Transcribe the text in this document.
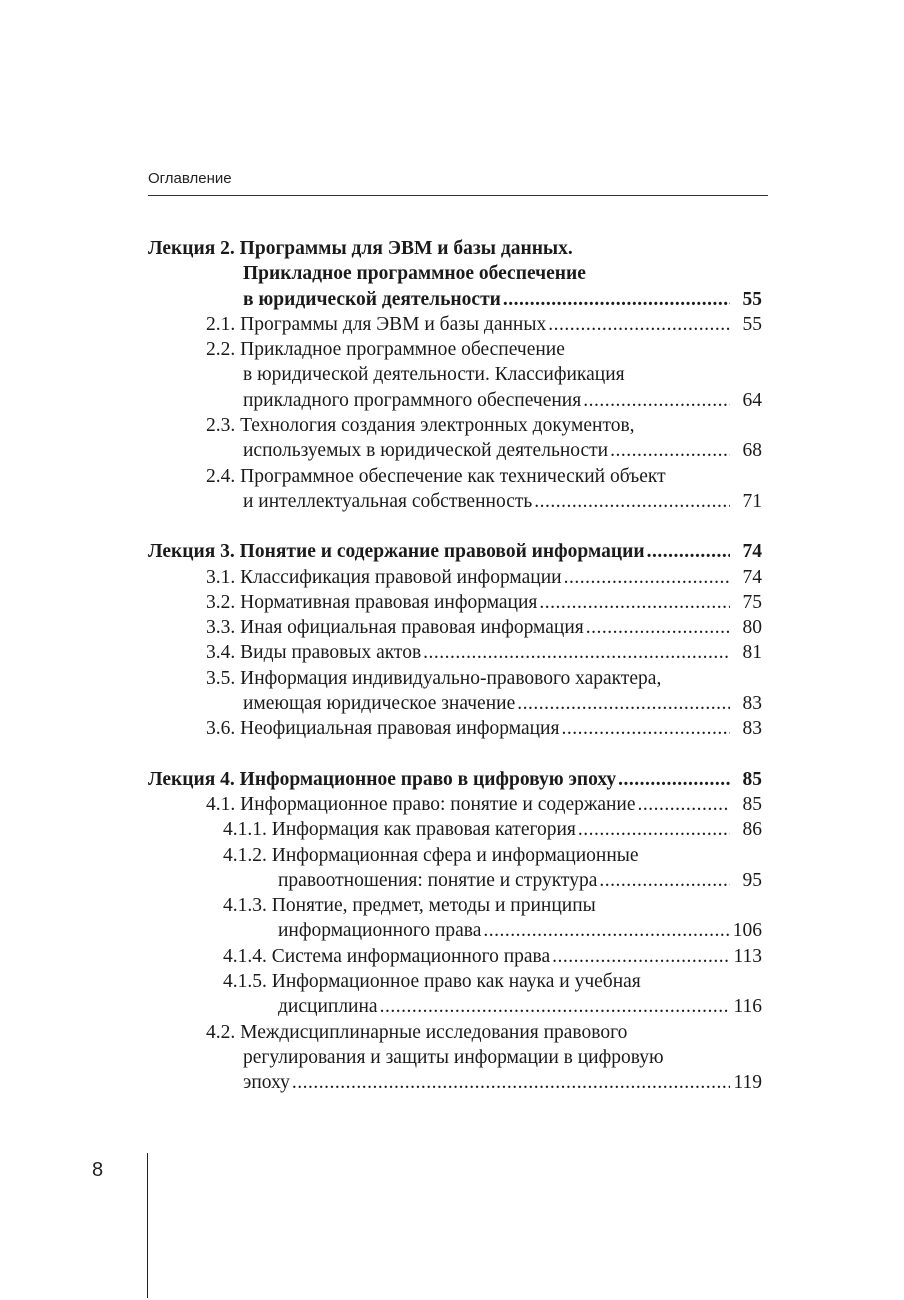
Оглавление
Лекция 2. Программы для ЭВМ и базы данных.
Прикладное программное обеспечение
в юридической деятельности .....	55
2.1. Программы для ЭВМ и базы данных .....	55
2.2. Прикладное программное обеспечение
в юридической деятельности. Классификация
прикладного программного обеспечения .....	64
2.3. Технология создания электронных документов,
используемых в юридической деятельности .....	68
2.4. Программное обеспечение как технический объект
и интеллектуальная собственность .....	71
Лекция 3. Понятие и содержание правовой информации .....	74
3.1. Классификация правовой информации .....	74
3.2. Нормативная правовая информация .....	75
3.3. Иная официальная правовая информация .....	80
3.4. Виды правовых актов .....	81
3.5. Информация индивидуально-правового характера,
имеющая юридическое значение .....	83
3.6. Неофициальная правовая информация .....	83
Лекция 4. Информационное право в цифровую эпоху .....	85
4.1. Информационное право: понятие и содержание .....	85
4.1.1. Информация как правовая категория .....	86
4.1.2. Информационная сфера и информационные
правоотношения: понятие и структура .....	95
4.1.3. Понятие, предмет, методы и принципы
информационного права .....	106
4.1.4. Система информационного права .....	113
4.1.5. Информационное право как наука и учебная
дисциплина .....	116
4.2. Междисциплинарные исследования правового
регулирования и защиты информации в цифровую
эпоху .....	119
8
